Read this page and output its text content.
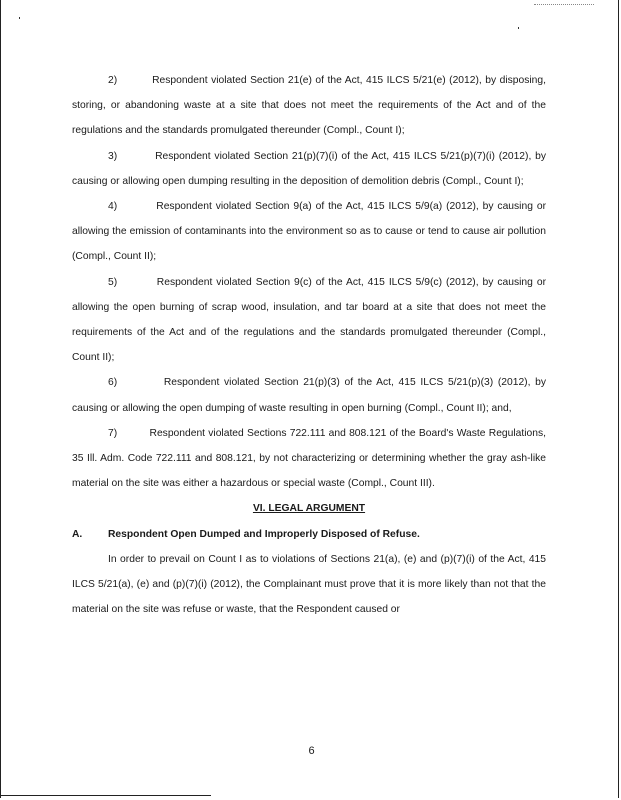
2)          Respondent violated Section 21(e) of the Act, 415 ILCS 5/21(e) (2012), by disposing, storing, or abandoning waste at a site that does not meet the requirements of the Act and of the regulations and the standards promulgated thereunder (Compl., Count I);

3)          Respondent violated Section 21(p)(7)(i) of the Act, 415 ILCS 5/21(p)(7)(i) (2012), by causing or allowing open dumping resulting in the deposition of demolition debris (Compl., Count I);

4)          Respondent violated Section 9(a) of the Act, 415 ILCS 5/9(a) (2012), by causing or allowing the emission of contaminants into the environment so as to cause or tend to cause air pollution (Compl., Count II);

5)          Respondent violated Section 9(c) of the Act, 415 ILCS 5/9(c) (2012), by causing or allowing the open burning of scrap wood, insulation, and tar board at a site that does not meet the requirements of the Act and of the regulations and the standards promulgated thereunder (Compl., Count II);

6)          Respondent violated Section 21(p)(3) of the Act, 415 ILCS 5/21(p)(3) (2012), by causing or allowing the open dumping of waste resulting in open burning (Compl., Count II); and,

7)          Respondent violated Sections 722.111 and 808.121 of the Board's Waste Regulations, 35 Ill. Adm. Code 722.111 and 808.121, by not characterizing or determining whether the gray ash-like material on the site was either a hazardous or special waste (Compl., Count III).

VI. LEGAL ARGUMENT

A. Respondent Open Dumped and Improperly Disposed of Refuse.

In order to prevail on Count I as to violations of Sections 21(a), (e) and (p)(7)(i) of the Act, 415 ILCS 5/21(a), (e) and (p)(7)(i) (2012), the Complainant must prove that it is more likely than not that the material on the site was refuse or waste, that the Respondent caused or

6
